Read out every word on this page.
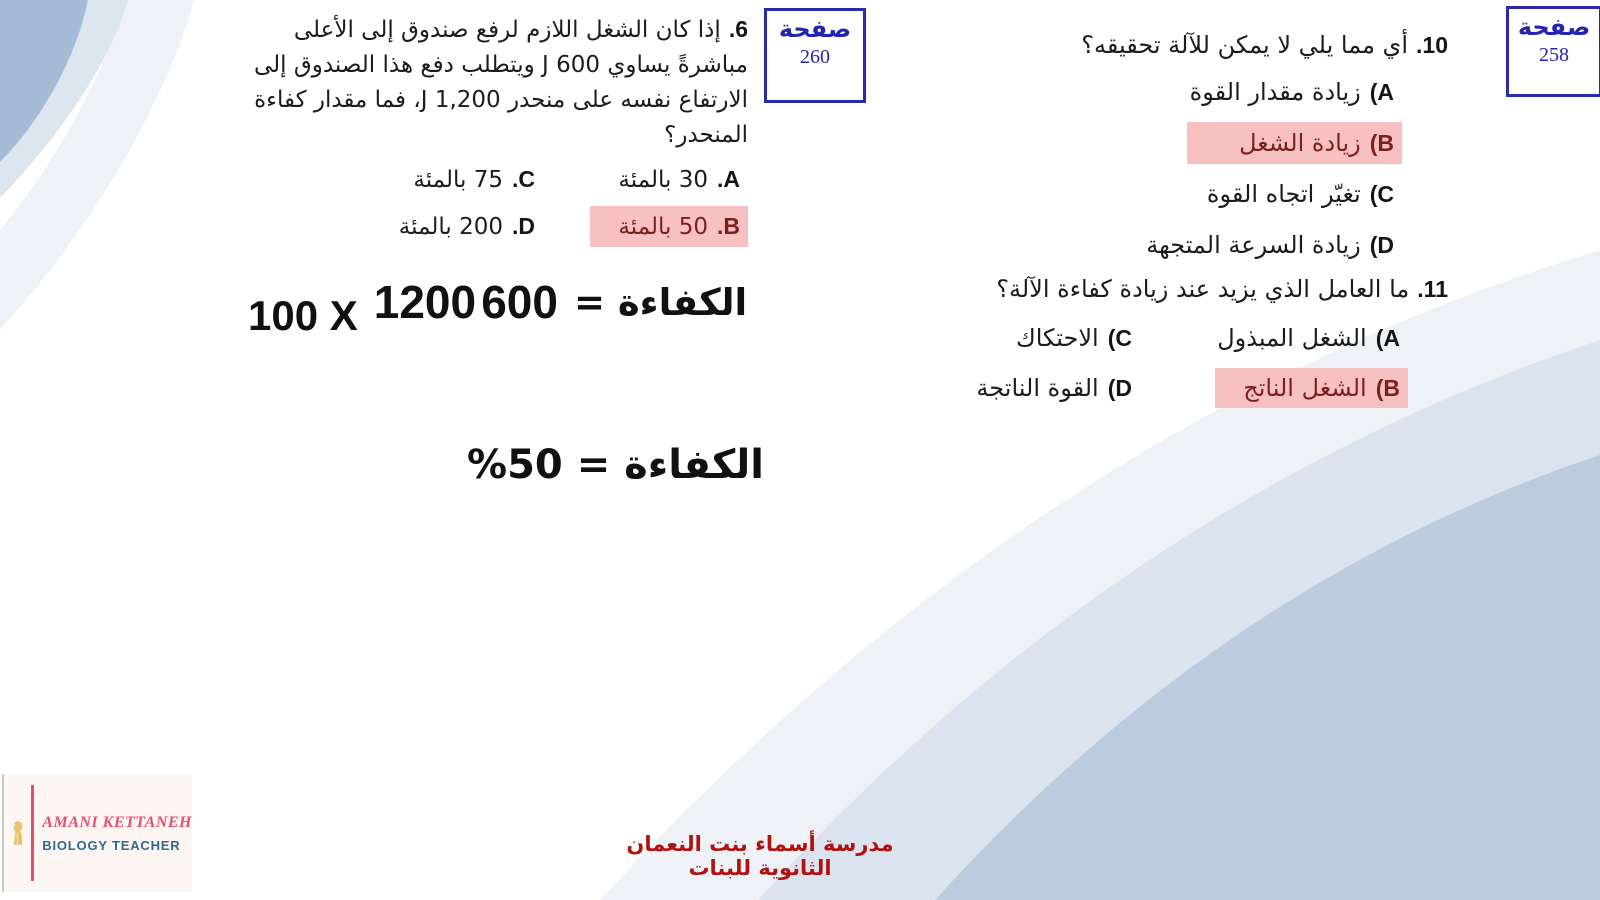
صفحة
258
صفحة
260	.10أي مما يلي لا يمكن للآلة تحقيقه؟
(Aزيادة مقدار القوة
(Bزيادة الشغل
(Cتغيّر اتجاه القوة
(Dزيادة السرعة المتجهة
.11ما العامل الذي يزيد عند زيادة كفاءة الآلة؟
(Aالشغل المبذول
(Cالاحتكاك
(Bالشغل الناتج
(Dالقوة الناتجة
.6إذا كان الشغل اللازم لرفع صندوق إلى الأعلى
مباشرةً يساوي 600 J ويتطلب دفع هذا الصندوق إلى
الارتفاع نفسه على منحدر 1,200 J، فما مقدار كفاءة
المنحدر؟
.A30 بالمئة
.C75 بالمئة
.B50 بالمئة
.D200 بالمئة
الكفاءة =
600 1200
100 X
الكفاءة = 50%
AMANI KETTANEH
BIOLOGY TEACHER	مدرسة أسماء بنت النعمان الثانوية للبنات
